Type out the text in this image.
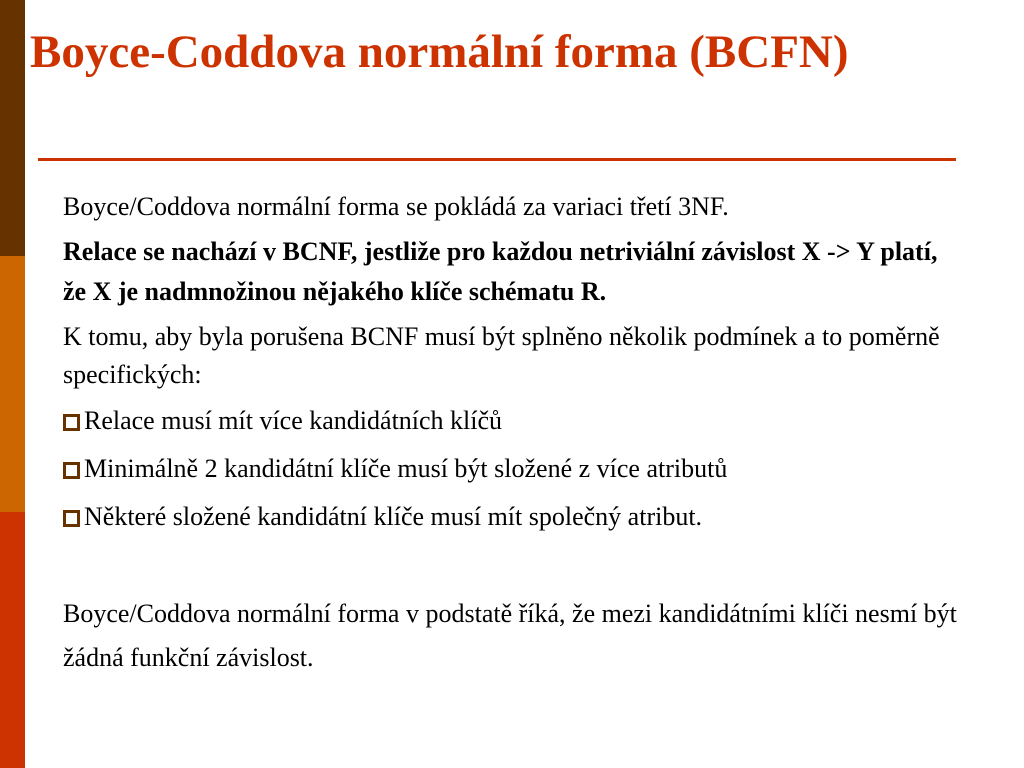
Boyce-Coddova normální forma (BCFN)

Boyce/Coddova normální forma se pokládá za variaci třetí 3NF.

Relace se nachází v BCNF, jestliže pro každou netriviální závislost X -> Y platí, že X je nadmnožinou nějakého klíče schématu R.

K tomu, aby byla porušena BCNF musí být splněno několik podmínek a to poměrně specifických:

Relace musí mít více kandidátních klíčů
Minimálně 2 kandidátní klíče musí být složené z více atributů
Některé složené kandidátní klíče musí mít společný atribut.

Boyce/Coddova normální forma v podstatě říká, že mezi kandidátními klíči nesmí být žádná funkční závislost.
